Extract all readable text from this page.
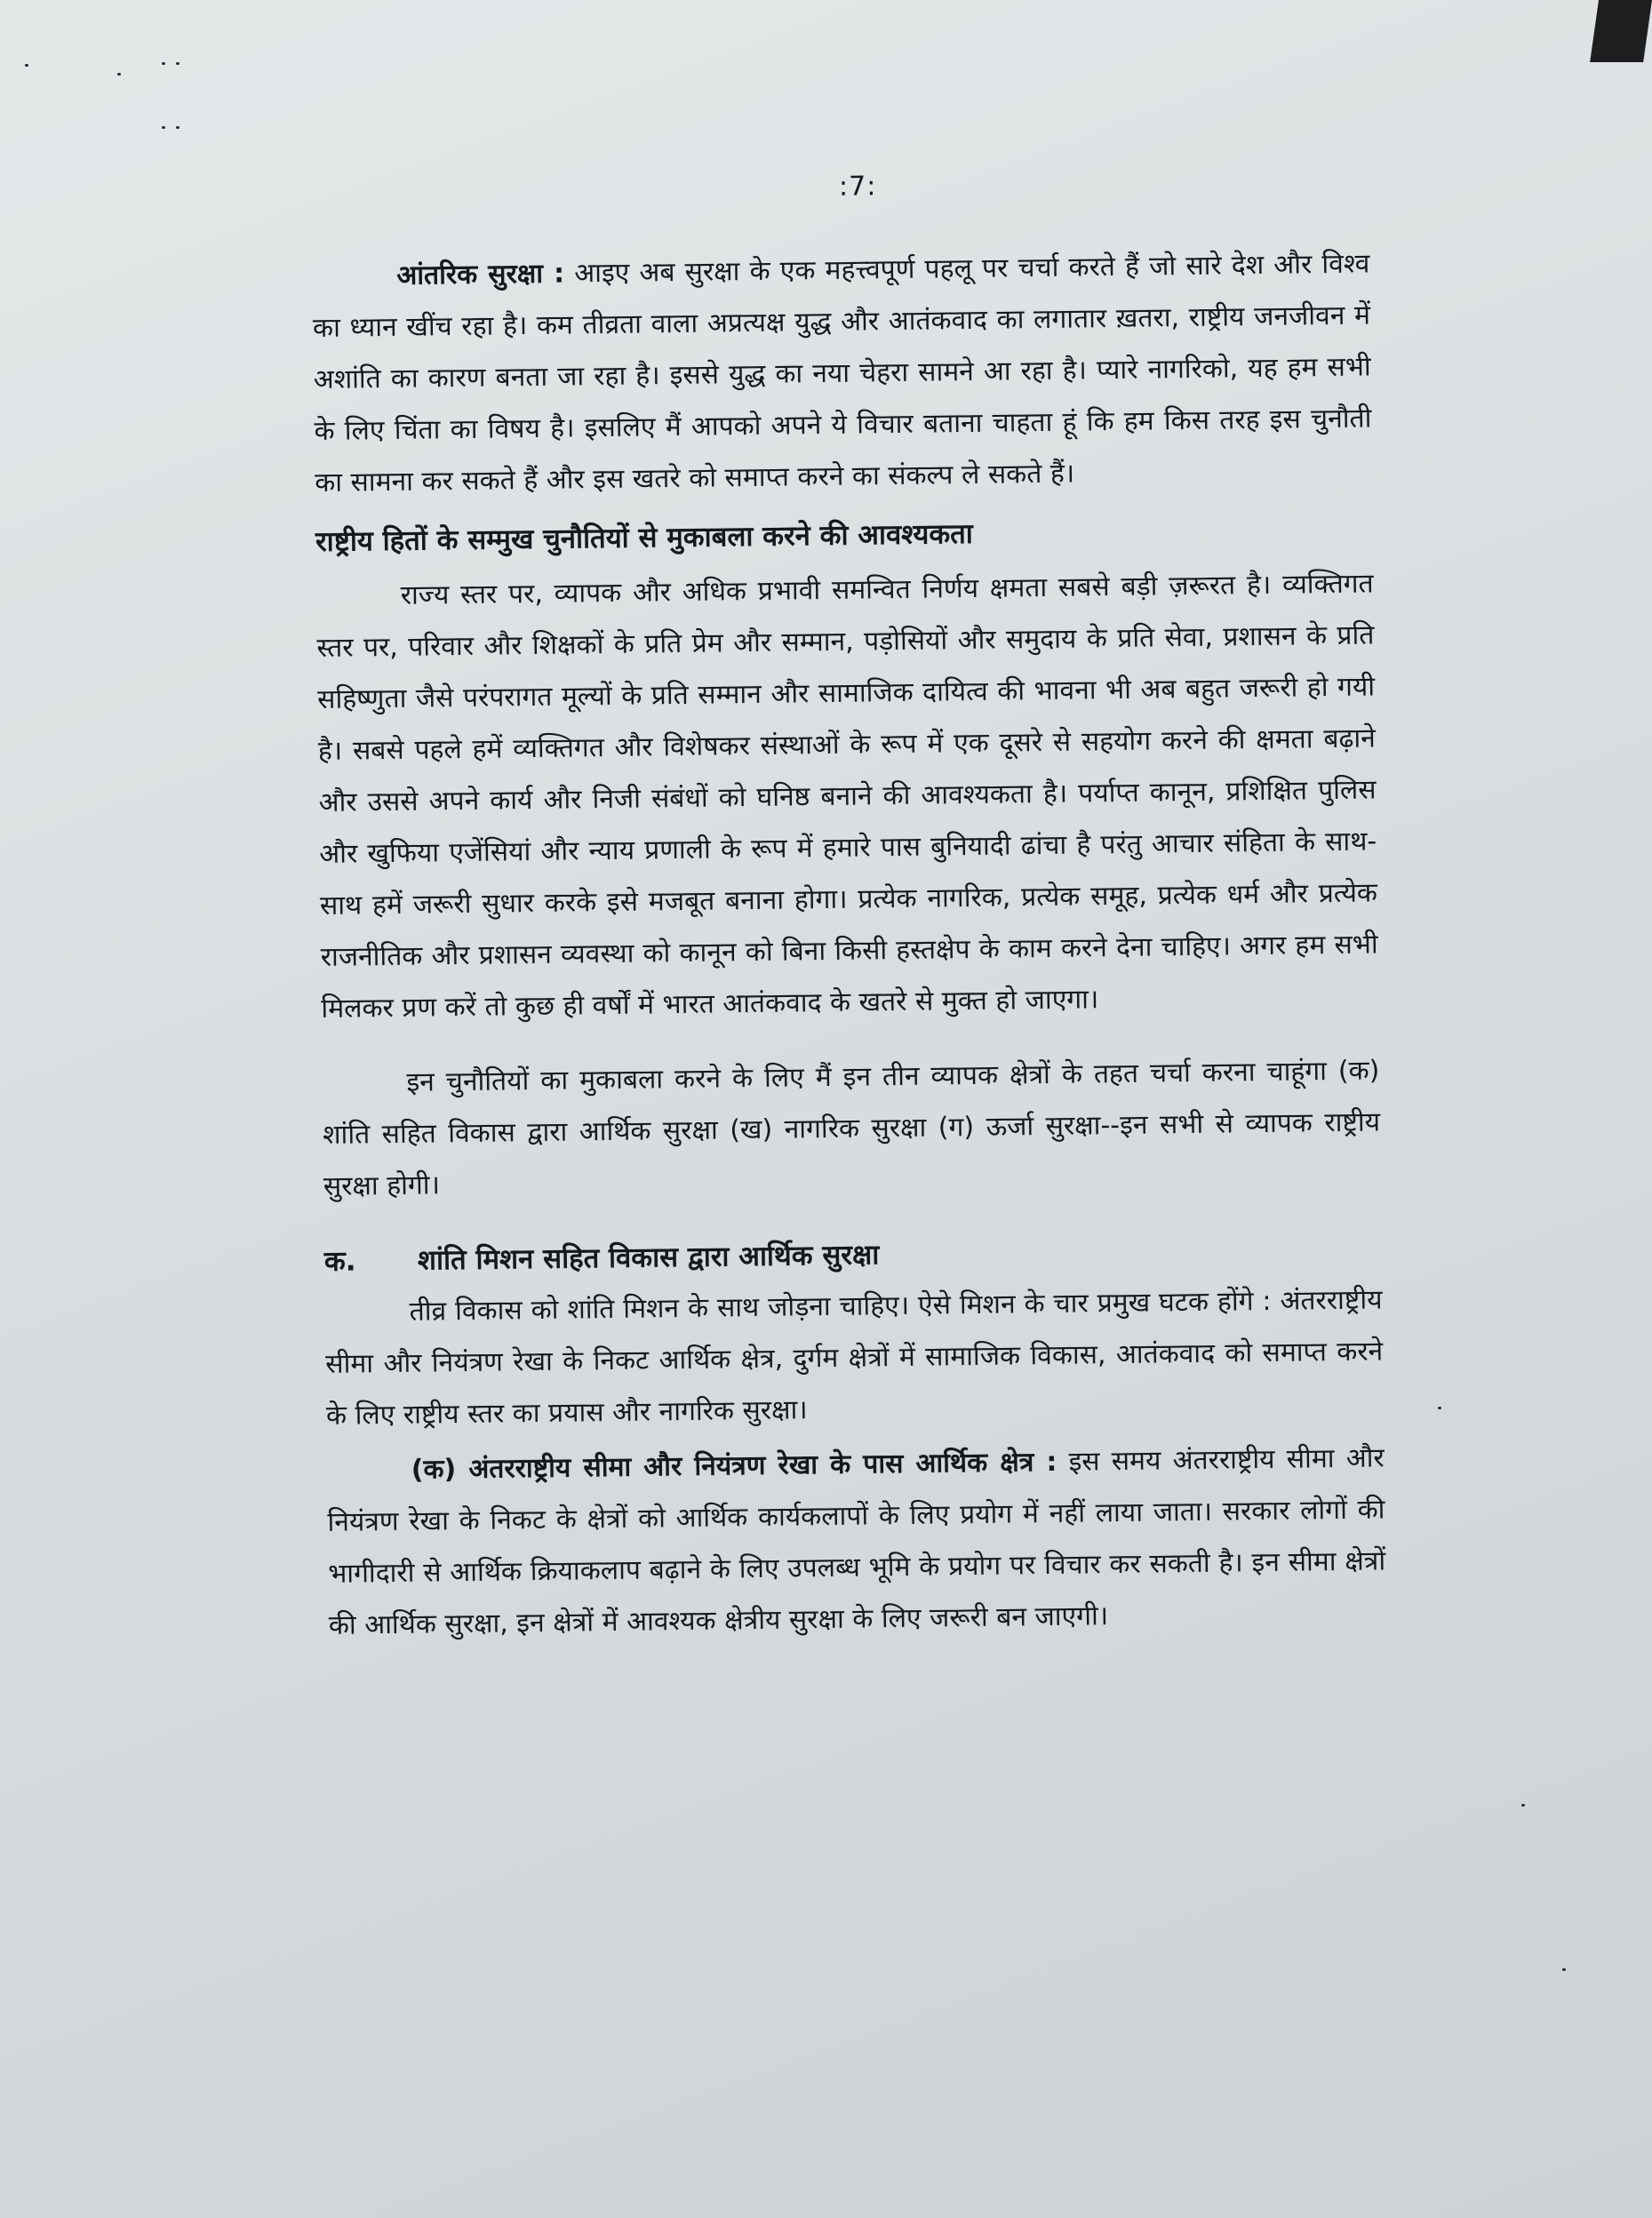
:7:

आंतरिक सुरक्षा : आइए अब सुरक्षा के एक महत्त्वपूर्ण पहलू पर चर्चा करते हैं जो सारे देश और विश्व का ध्यान खींच रहा है। कम तीव्रता वाला अप्रत्यक्ष युद्ध और आतंकवाद का लगातार ख़तरा, राष्ट्रीय जनजीवन में अशांति का कारण बनता जा रहा है। इससे युद्ध का नया चेहरा सामने आ रहा है। प्यारे नागरिको, यह हम सभी के लिए चिंता का विषय है। इसलिए मैं आपको अपने ये विचार बताना चाहता हूं कि हम किस तरह इस चुनौती का सामना कर सकते हैं और इस खतरे को समाप्त करने का संकल्प ले सकते हैं।

राष्ट्रीय हितों के सम्मुख चुनौतियों से मुकाबला करने की आवश्यकता

राज्य स्तर पर, व्यापक और अधिक प्रभावी समन्वित निर्णय क्षमता सबसे बड़ी ज़रूरत है। व्यक्तिगत स्तर पर, परिवार और शिक्षकों के प्रति प्रेम और सम्मान, पड़ोसियों और समुदाय के प्रति सेवा, प्रशासन के प्रति सहिष्णुता जैसे परंपरागत मूल्यों के प्रति सम्मान और सामाजिक दायित्व की भावना भी अब बहुत जरूरी हो गयी है। सबसे पहले हमें व्यक्तिगत और विशेषकर संस्थाओं के रूप में एक दूसरे से सहयोग करने की क्षमता बढ़ाने और उससे अपने कार्य और निजी संबंधों को घनिष्ठ बनाने की आवश्यकता है। पर्याप्त कानून, प्रशिक्षित पुलिस और खुफिया एजेंसियां और न्याय प्रणाली के रूप में हमारे पास बुनियादी ढांचा है परंतु आचार संहिता के साथ-साथ हमें जरूरी सुधार करके इसे मजबूत बनाना होगा। प्रत्येक नागरिक, प्रत्येक समूह, प्रत्येक धर्म और प्रत्येक राजनीतिक और प्रशासन व्यवस्था को कानून को बिना किसी हस्तक्षेप के काम करने देना चाहिए। अगर हम सभी मिलकर प्रण करें तो कुछ ही वर्षों में भारत आतंकवाद के खतरे से मुक्त हो जाएगा।

इन चुनौतियों का मुकाबला करने के लिए मैं इन तीन व्यापक क्षेत्रों के तहत चर्चा करना चाहूंगा (क) शांति सहित विकास द्वारा आर्थिक सुरक्षा (ख) नागरिक सुरक्षा (ग) ऊर्जा सुरक्षा--इन सभी से व्यापक राष्ट्रीय सुरक्षा होगी।

क.	शांति मिशन सहित विकास द्वारा आर्थिक सुरक्षा

तीव्र विकास को शांति मिशन के साथ जोड़ना चाहिए। ऐसे मिशन के चार प्रमुख घटक होंगे : अंतरराष्ट्रीय सीमा और नियंत्रण रेखा के निकट आर्थिक क्षेत्र, दुर्गम क्षेत्रों में सामाजिक विकास, आतंकवाद को समाप्त करने के लिए राष्ट्रीय स्तर का प्रयास और नागरिक सुरक्षा।

(क) अंतरराष्ट्रीय सीमा और नियंत्रण रेखा के पास आर्थिक क्षेत्र : इस समय अंतरराष्ट्रीय सीमा और नियंत्रण रेखा के निकट के क्षेत्रों को आर्थिक कार्यकलापों के लिए प्रयोग में नहीं लाया जाता। सरकार लोगों की भागीदारी से आर्थिक क्रियाकलाप बढ़ाने के लिए उपलब्ध भूमि के प्रयोग पर विचार कर सकती है। इन सीमा क्षेत्रों की आर्थिक सुरक्षा, इन क्षेत्रों में आवश्यक क्षेत्रीय सुरक्षा के लिए जरूरी बन जाएगी।
